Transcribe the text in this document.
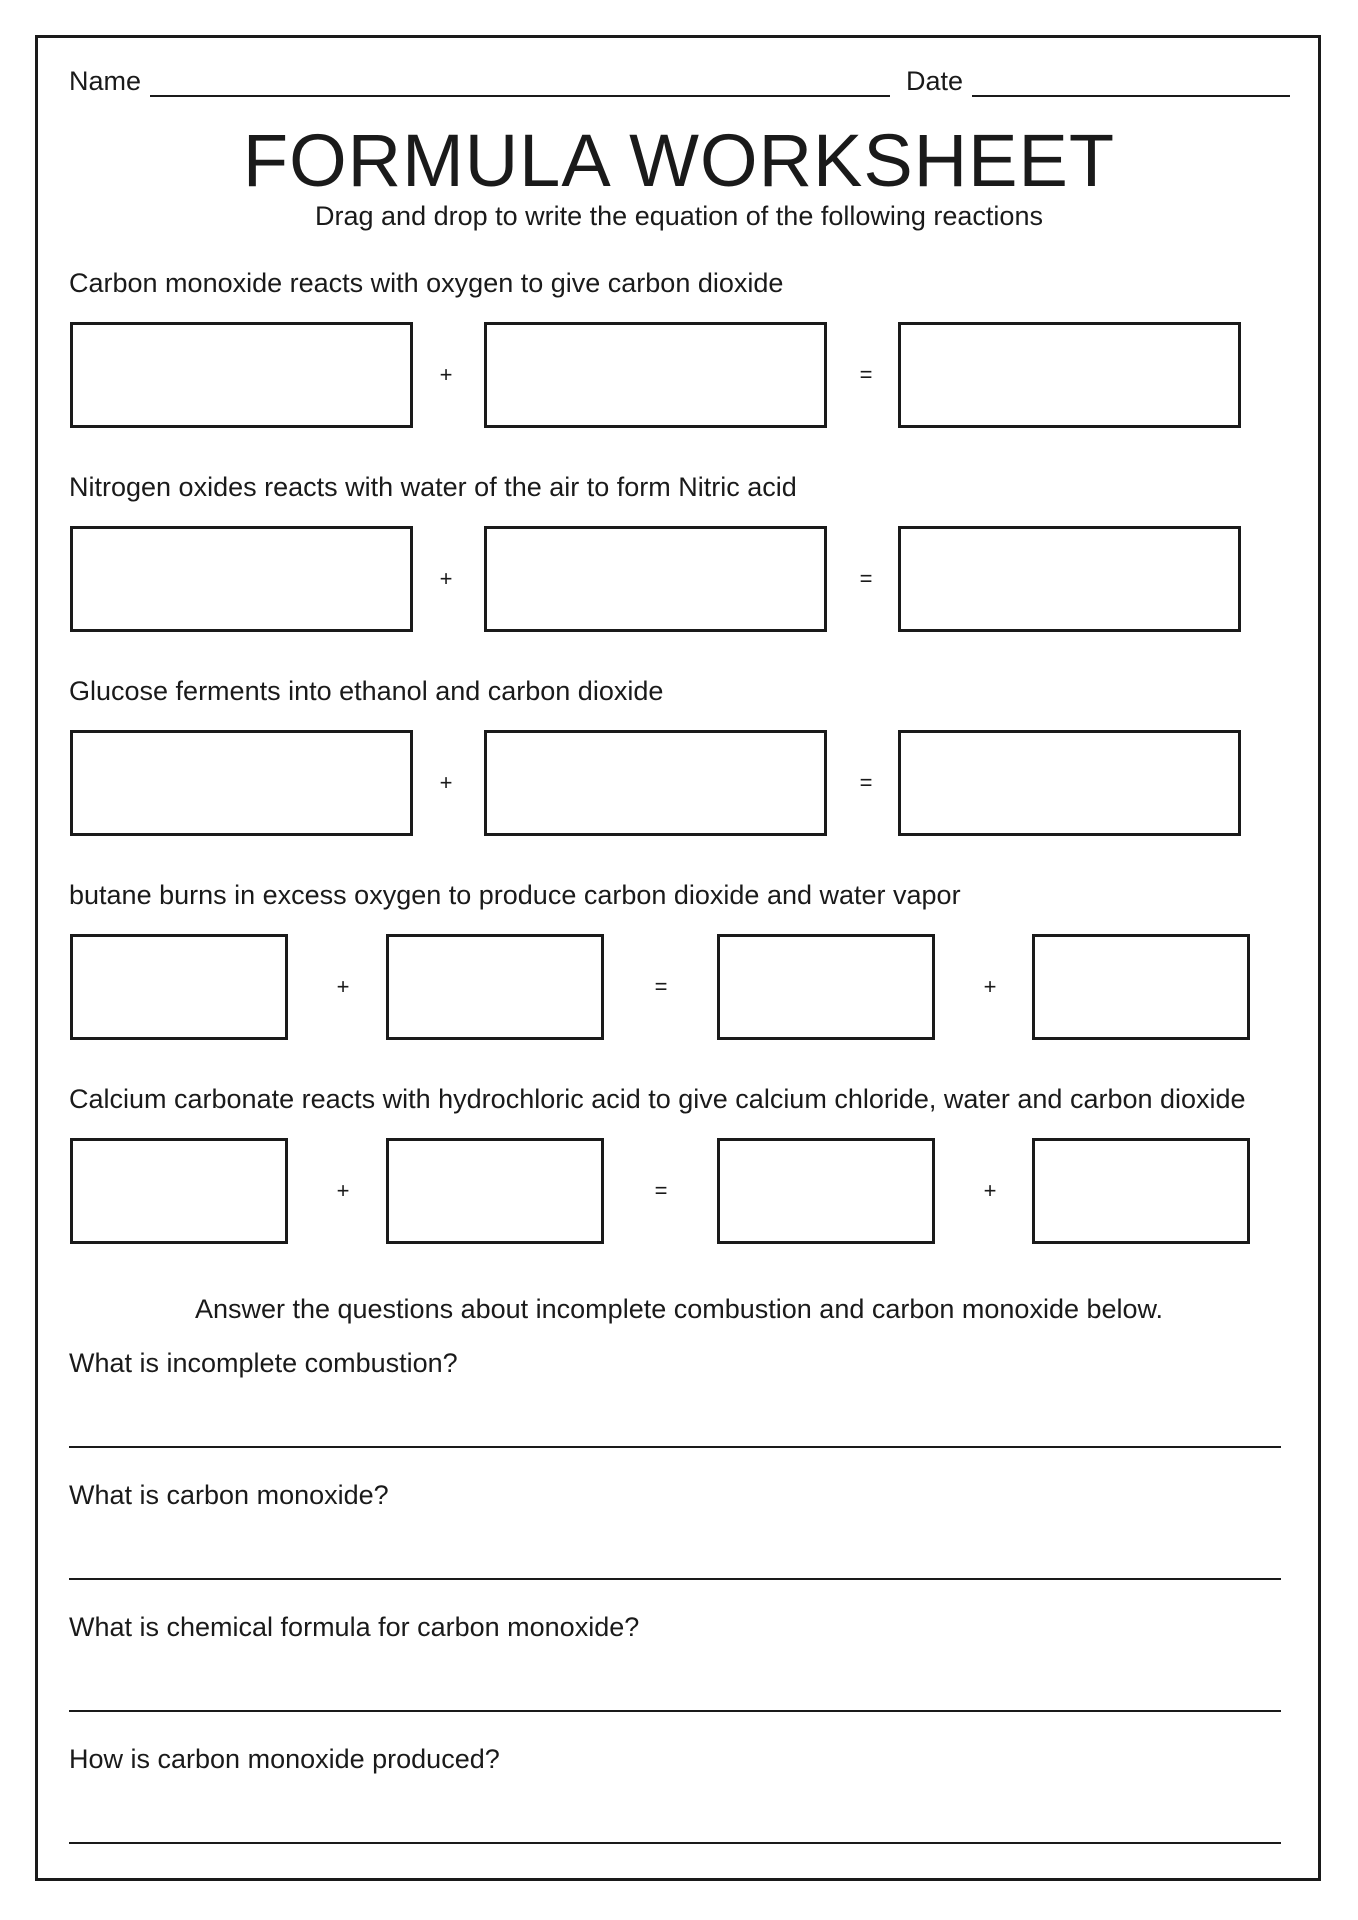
Name	Date
FORMULA WORKSHEET
Drag and drop to write the equation of the following reactions
Carbon monoxide reacts with oxygen to give carbon dioxide
+	=
Nitrogen oxides reacts with water of the air to form Nitric acid
+	=
Glucose ferments into ethanol and carbon dioxide
+	=
butane burns in excess oxygen to produce carbon dioxide and water vapor
+	=	+
Calcium carbonate reacts with hydrochloric acid to give calcium chloride, water and carbon dioxide
+	=	+
Answer the questions about incomplete combustion and carbon monoxide below.
What is incomplete combustion?
What is carbon monoxide?
What is chemical formula for carbon monoxide?
How is carbon monoxide produced?
